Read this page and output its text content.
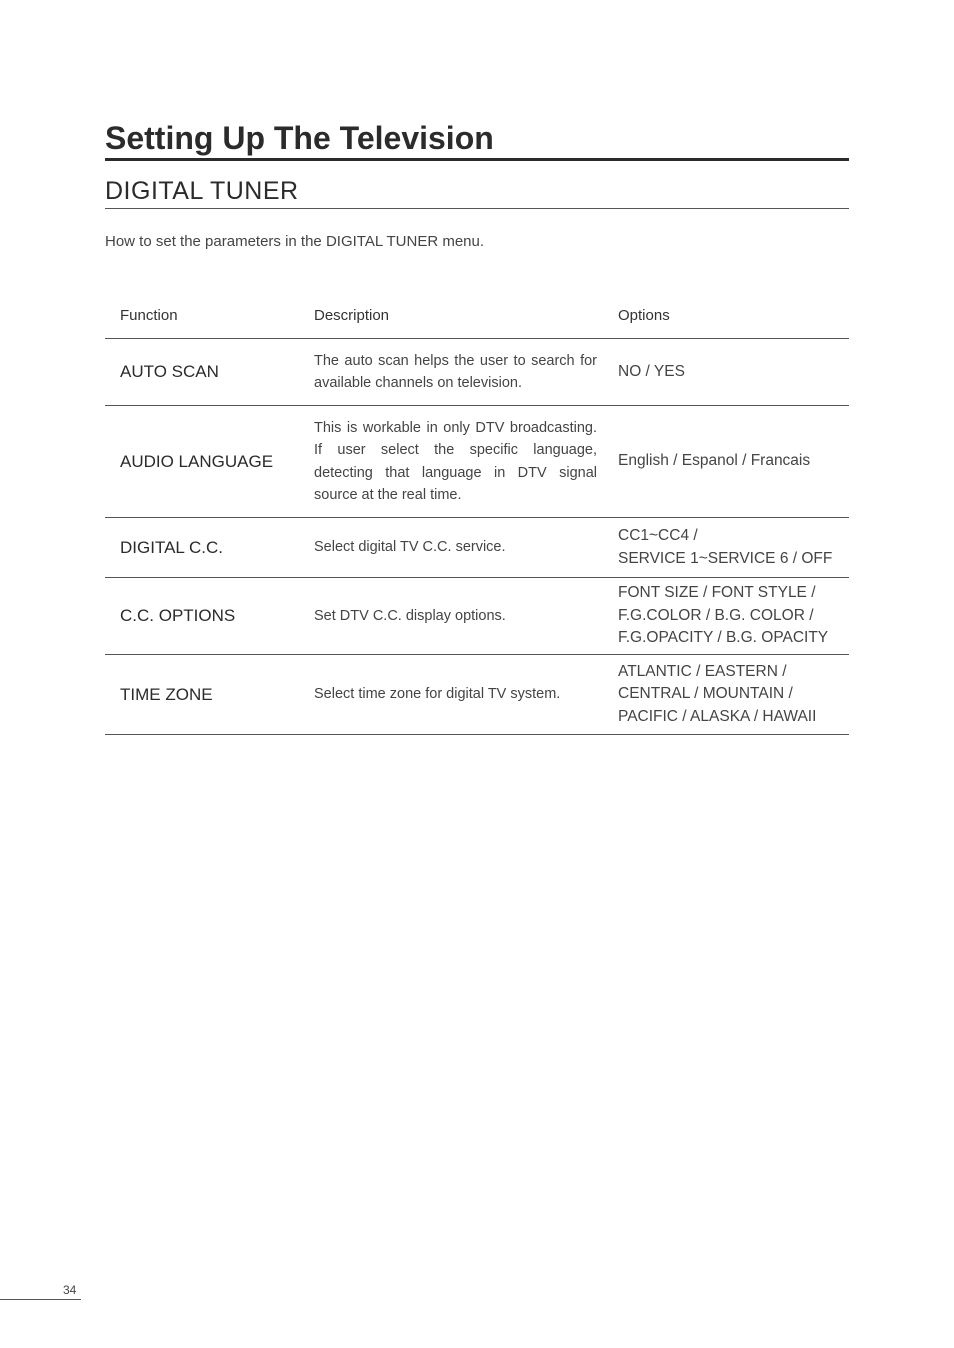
Setting Up The Television
DIGITAL TUNER

How to set the parameters in the DIGITAL TUNER menu.

Function	Description	Options
AUTO SCAN	The auto scan helps the user to search for available channels on television.	NO / YES

AUDIO LANGUAGE	This is workable in only DTV broadcasting. If user select the specific language, detecting that language in DTV signal source at the real time.	English / Espanol / Francais

DIGITAL C.C.	Select digital TV C.C. service.	CC1~CC4 /
SERVICE 1~SERVICE 6 / OFF

C.C. OPTIONS	Set DTV C.C. display options.	FONT SIZE / FONT STYLE /
F.G.COLOR / B.G. COLOR /
F.G.OPACITY / B.G. OPACITY

TIME ZONE	Select time zone for digital TV system.	ATLANTIC / EASTERN /
CENTRAL / MOUNTAIN /
PACIFIC / ALASKA / HAWAII
34
